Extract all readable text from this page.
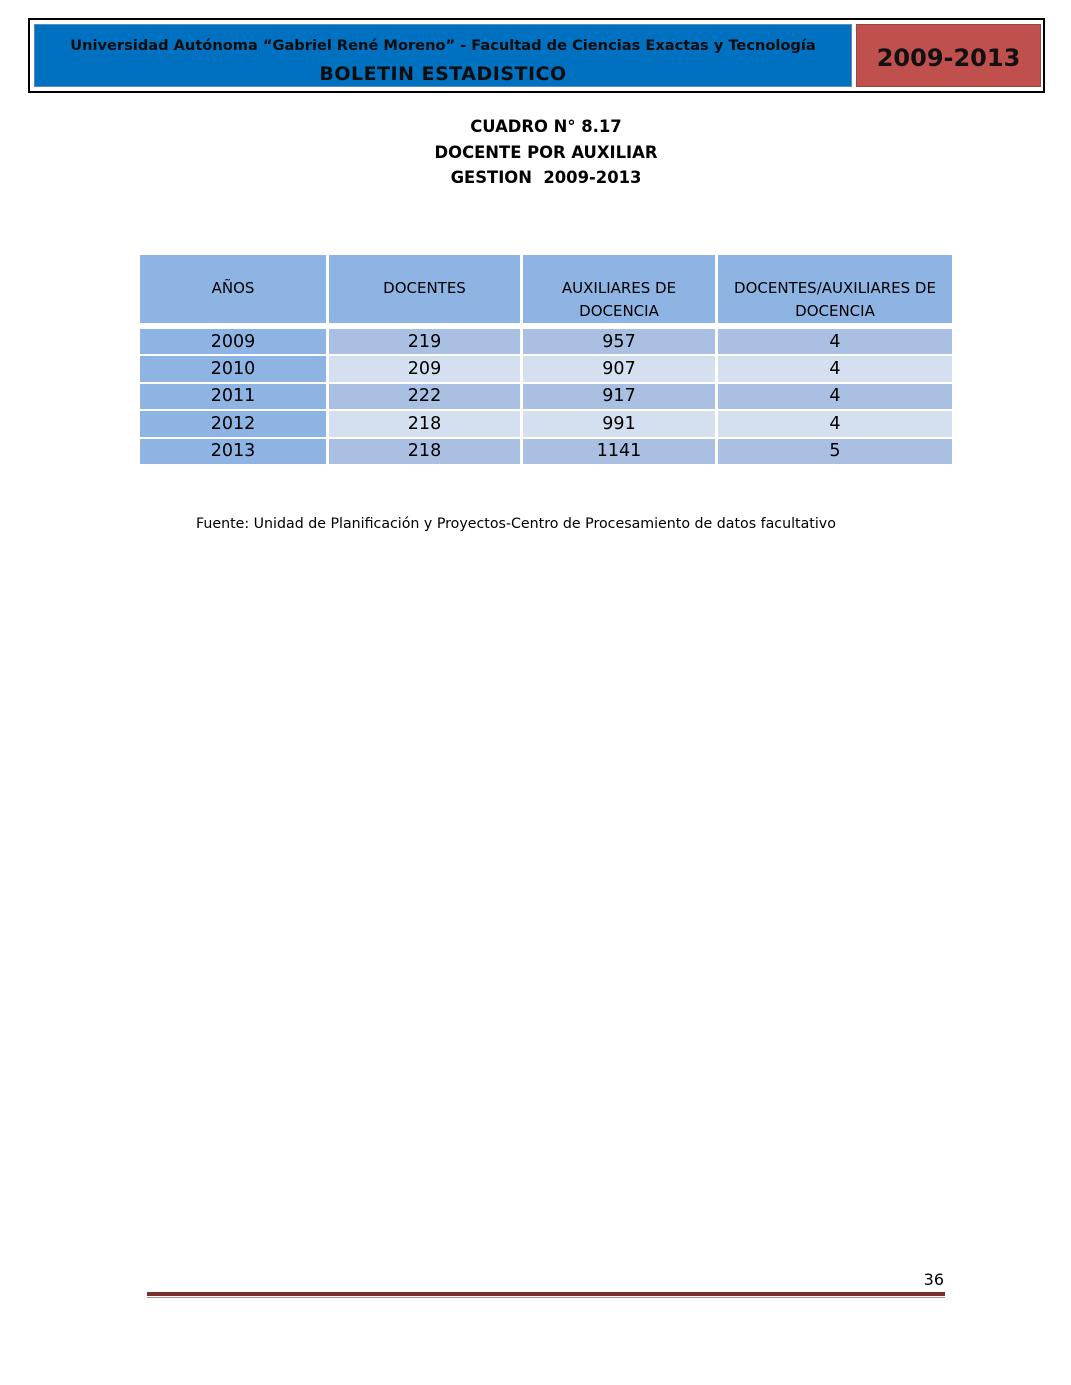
Universidad Autónoma “Gabriel René Moreno” - Facultad de Ciencias Exactas y Tecnología
BOLETIN ESTADISTICO
2009-2013
CUADRO N° 8.17
DOCENTE POR AUXILIAR
GESTION  2009-2013
AÑOS	DOCENTES	AUXILIARES DE DOCENCIA	DOCENTES/AUXILIARES DE DOCENCIA
2009	219	957	4
2010	209	907	4
2011	222	917	4
2012	218	991	4
2013	218	1141	5
Fuente: Unidad de Planificación y Proyectos-Centro de Procesamiento de datos facultativo
36
